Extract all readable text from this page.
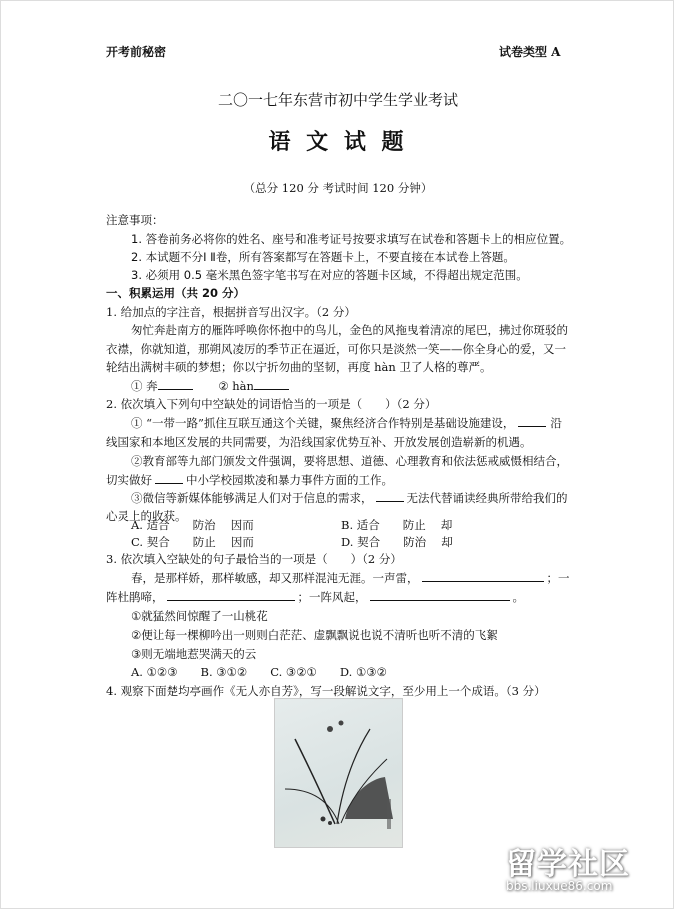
开考前秘密	试卷类型 A
二〇一七年东营市初中学生学业考试
语 文 试 题
（总分 120 分 考试时间 120 分钟）
注意事项：
1. 答卷前务必将你的姓名、座号和准考证号按要求填写在试卷和答题卡上的相应位置。
2. 本试题不分Ⅰ Ⅱ卷，所有答案都写在答题卡上，不要直接在本试卷上答题。
3. 必须用 0.5 毫米黑色签字笔书写在对应的答题卡区域，不得超出规定范围。
一、积累运用（共 20 分）
1. 给加点的字注音，根据拼音写出汉字。（2 分）
匆忙奔赴南方的雁阵呼唤你怀抱中的鸟儿，金色的风拖曳着清凉的尾巴，拂过你斑驳的
衣襟，你就知道，那朔风凌厉的季节正在逼近，可你只是淡然一笑——你全身心的爱，又一
轮结出满树丰硕的梦想；你以宁折勿曲的坚韧，再度 hàn 卫了人格的尊严。
① 奔	② hàn
2. 依次填入下列句中空缺处的词语恰当的一项是（　　）（2 分）
① “一带一路”抓住互联互通这个关键，聚焦经济合作特别是基础设施建设，	沿
线国家和本地区发展的共同需要，为沿线国家优势互补、开放发展创造崭新的机遇。
②教育部等九部门颁发文件强调，要将思想、道德、心理教育和依法惩戒威慑相结合，
切实做好	中小学校园欺凌和暴力事件方面的工作。
③微信等新媒体能够满足人们对于信息的需求，	无法代替诵读经典所带给我们的
心灵上的收获。
A. 适合　　防治　 因而	B. 适合　　防止　 却
C. 契合　　防止　 因而	D. 契合　　防治　 却
3. 依次填入空缺处的句子最恰当的一项是（　　）（2 分）
春，是那样娇，那样敏感，却又那样混沌无涯。一声雷，	；一
阵杜鹃啼，	；一阵风起，	。
①就猛然间惊醒了一山桃花
②便让每一棵柳吟出一则则白茫茫、虚飘飘说也说不清听也听不清的飞絮
③则无端地惹哭满天的云
A. ①②③　　B. ③①②　　C. ③②①　　D. ①③②
4. 观察下面楚均亭画作《无人亦自芳》，写一段解说文字，至少用上一个成语。（3 分）
留学社区
bbs.liuxue86.com
